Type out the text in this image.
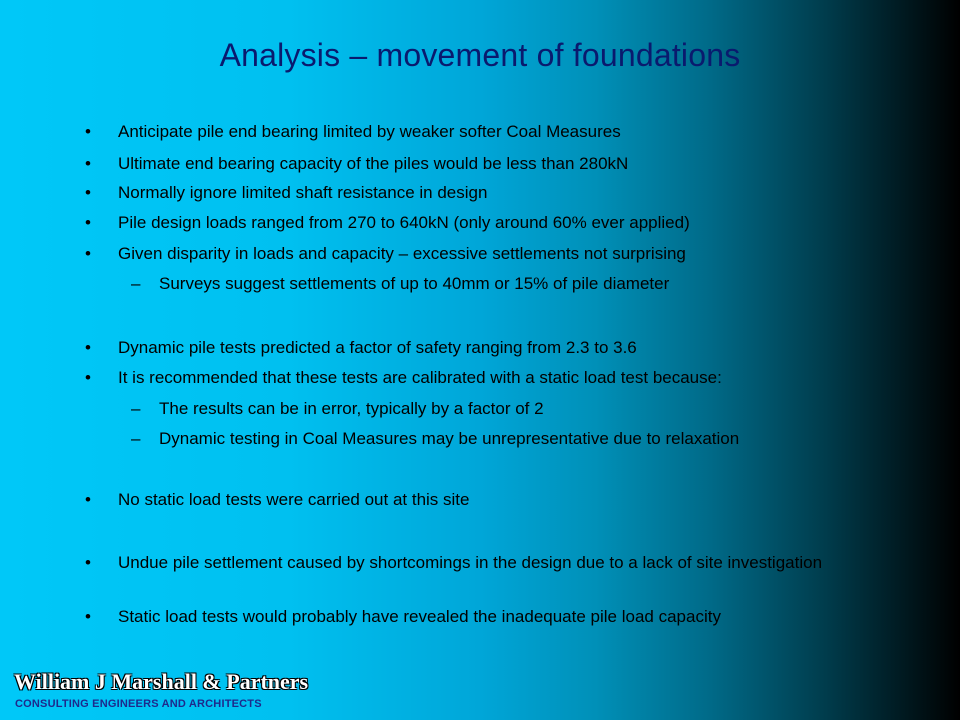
Analysis – movement of foundations
• Anticipate pile end bearing limited by weaker softer Coal Measures
• Ultimate end bearing capacity of the piles would be less than 280kN
• Normally ignore limited shaft resistance in design
• Pile design loads ranged from 270 to 640kN (only around 60% ever applied)
• Given disparity in loads and capacity – excessive settlements not surprising
– Surveys suggest settlements of up to 40mm or 15% of pile diameter
• Dynamic pile tests predicted a factor of safety ranging from 2.3 to 3.6
• It is recommended that these tests are calibrated with a static load test because:
– The results can be in error, typically by a factor of 2
– Dynamic testing in Coal Measures may be unrepresentative due to relaxation
• No static load tests were carried out at this site
• Undue pile settlement caused by shortcomings in the design due to a lack of site investigation
• Static load tests would probably have revealed the inadequate pile load capacity
William J Marshall & Partners
CONSULTING ENGINEERS AND ARCHITECTS
